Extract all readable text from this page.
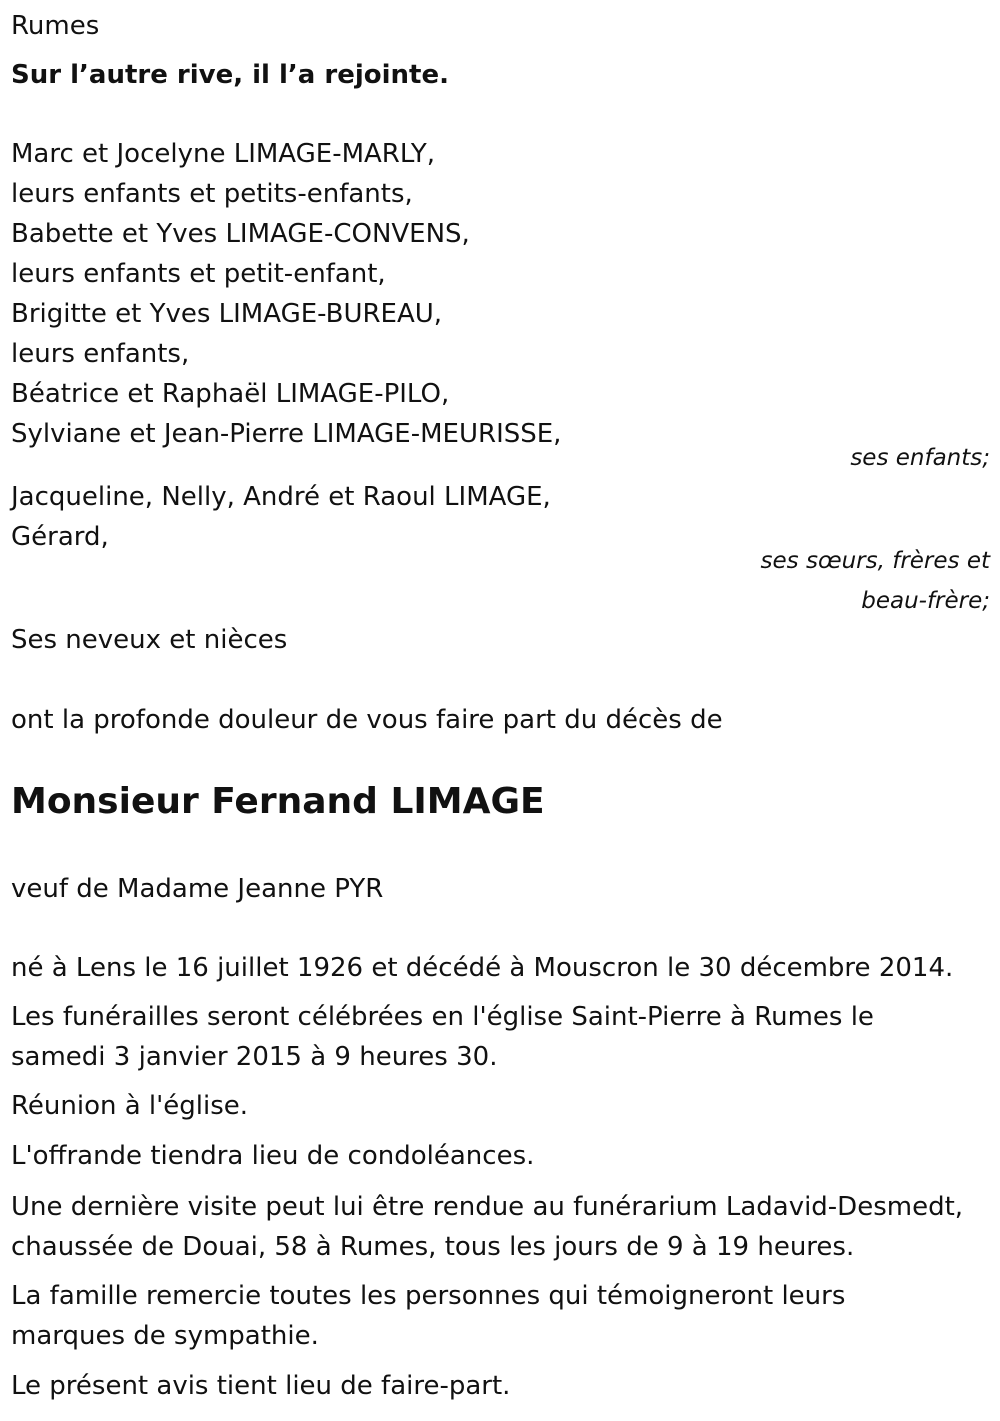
Rumes
Sur l’autre rive, il l’a rejointe.
Marc et Jocelyne LIMAGE-MARLY,
leurs enfants et petits-enfants,
Babette et Yves LIMAGE-CONVENS,
leurs enfants et petit-enfant,
Brigitte et Yves LIMAGE-BUREAU,
leurs enfants,
Béatrice et Raphaël LIMAGE-PILO,
Sylviane et Jean-Pierre LIMAGE-MEURISSE,
ses enfants;
Jacqueline, Nelly, André et Raoul LIMAGE,
Gérard,
ses sœurs, frères et
beau-frère;
Ses neveux et nièces
ont la profonde douleur de vous faire part du décès de
Monsieur Fernand LIMAGE
veuf de Madame Jeanne PYR
né à Lens le 16 juillet 1926 et décédé à Mouscron le 30 décembre 2014.
Les funérailles seront célébrées en l'église Saint-Pierre à Rumes le
samedi 3 janvier 2015 à 9 heures 30.
Réunion à l'église.
L'offrande tiendra lieu de condoléances.
Une dernière visite peut lui être rendue au funérarium Ladavid-Desmedt,
chaussée de Douai, 58 à Rumes, tous les jours de 9 à 19 heures.
La famille remercie toutes les personnes qui témoigneront leurs
marques de sympathie.
Le présent avis tient lieu de faire-part.
